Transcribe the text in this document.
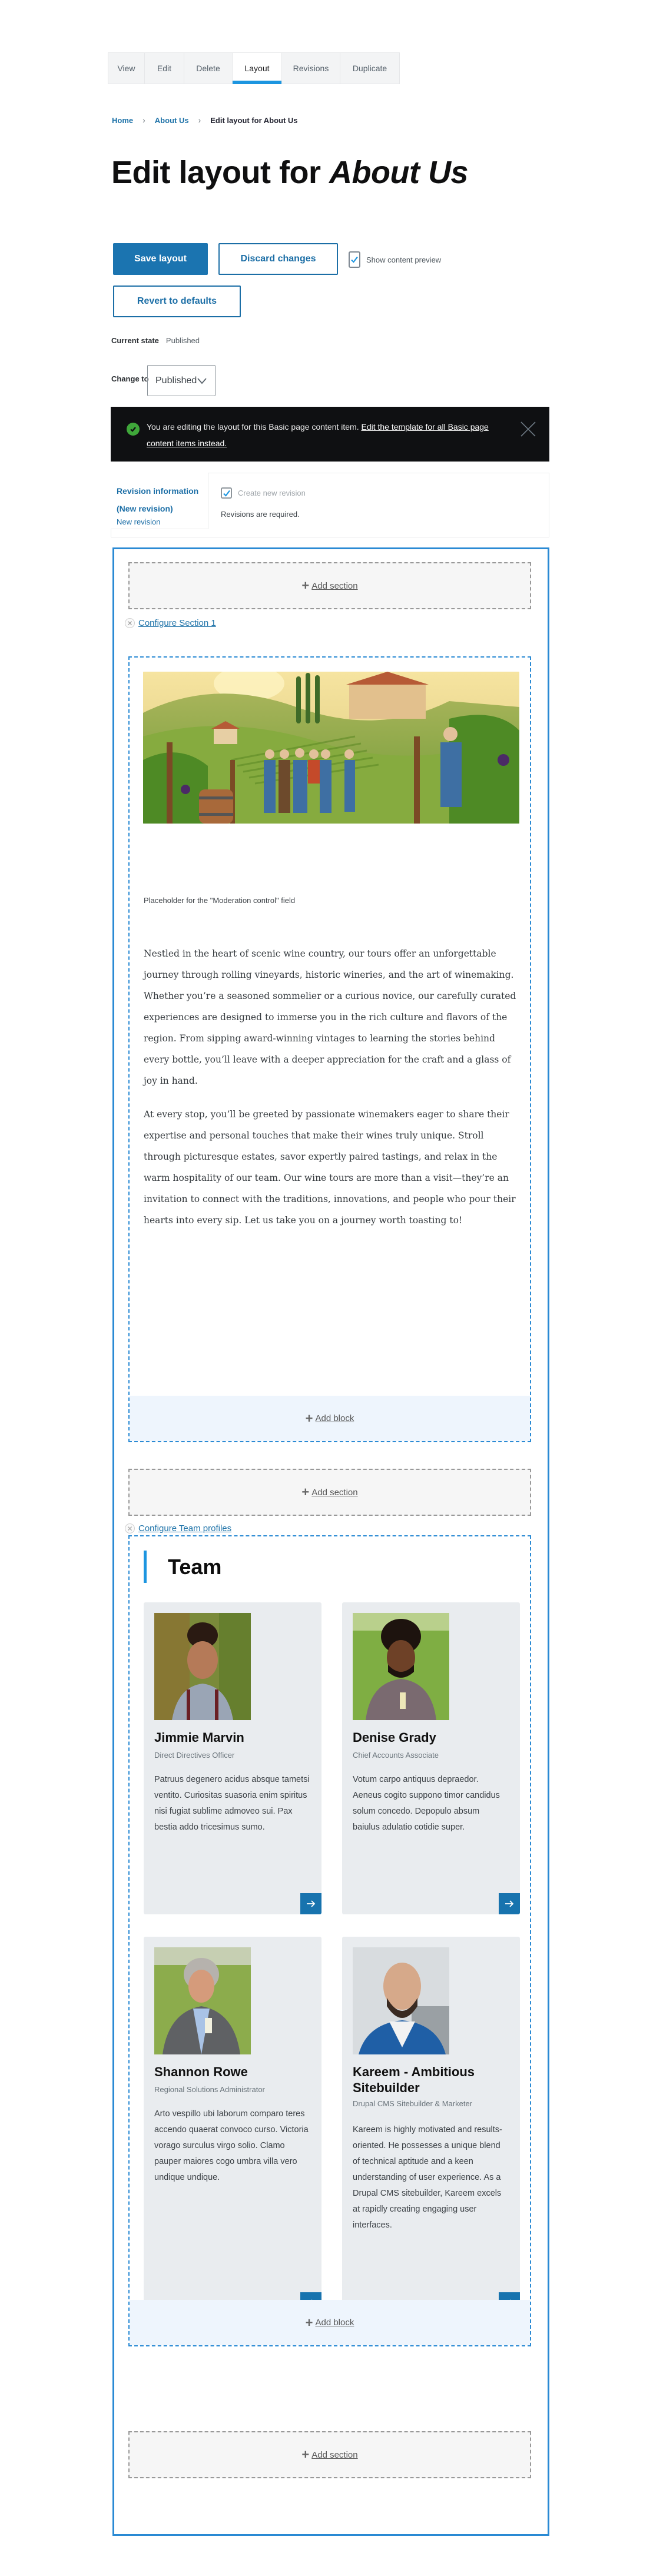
View	Edit	Delete	Layout	Revisions	Duplicate
Home › About Us › Edit layout for About Us
Edit layout for About Us
Save layout	Discard changes	Show content preview
Revert to defaults
Current state Published
Change to Published
You are editing the layout for this Basic page content item. Edit the template for all Basic page content items instead.
Revision information (New revision)
New revision
Create new revision
Revisions are required.
+ Add section
✕ Configure Section 1
Placeholder for the "Moderation control" field

Nestled in the heart of scenic wine country, our tours offer an unforgettable journey through rolling vineyards, historic wineries, and the art of winemaking. Whether you’re a seasoned sommelier or a curious novice, our carefully curated experiences are designed to immerse you in the rich culture and flavors of the region. From sipping award-winning vintages to learning the stories behind every bottle, you’ll leave with a deeper appreciation for the craft and a glass of joy in hand.

At every stop, you’ll be greeted by passionate winemakers eager to share their expertise and personal touches that make their wines truly unique. Stroll through picturesque estates, savor expertly paired tastings, and relax in the warm hospitality of our team. Our wine tours are more than a visit—they’re an invitation to connect with the traditions, innovations, and people who pour their hearts into every sip. Let us take you on a journey worth toasting to!

+ Add block
+ Add section
✕ Configure Team profiles
Team
Jimmie Marvin
Direct Directives Officer

Patruus degenero acidus absque tametsi ventito. Curiositas suasoria enim spiritus nisi fugiat sublime admoveo sui. Pax bestia addo tricesimus sumo.

Denise Grady
Chief Accounts Associate

Votum carpo antiquus depraedor. Aeneus cogito suppono timor candidus solum concedo. Depopulo absum baiulus adulatio cotidie super.

Shannon Rowe
Regional Solutions Administrator

Arto vespillo ubi laborum comparo teres accendo quaerat convoco curso. Victoria vorago surculus virgo solio. Clamo pauper maiores cogo umbra villa vero undique undique.

Kareem - Ambitious Sitebuilder
Drupal CMS Sitebuilder & Marketer

Kareem is highly motivated and results-oriented. He possesses a unique blend of technical aptitude and a keen understanding of user experience. As a Drupal CMS sitebuilder, Kareem excels at rapidly creating engaging user interfaces.

+ Add block
+ Add section
